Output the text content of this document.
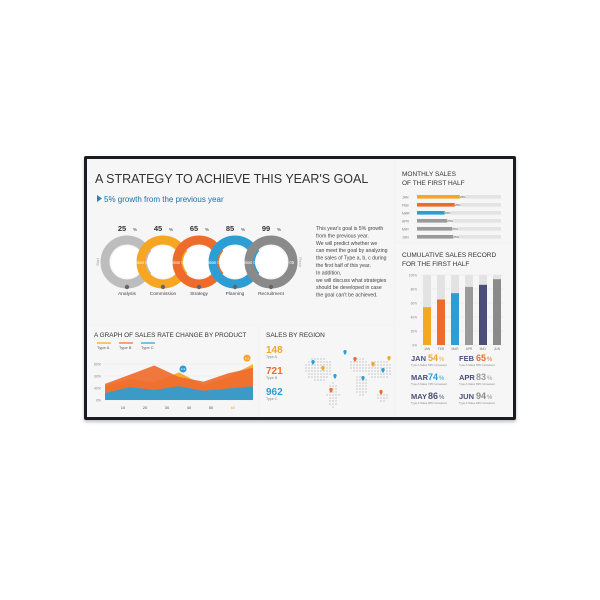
A STRATEGY TO ACHIEVE THIS YEAR'S GOAL
5% growth from the previous year
25 %
Analysis
45 %
Commission
65 %
Strategy
85 %
Planning
99 %
Recruitment
Option 01	Option 02	Option 03	Option 04	Option 05
Start	Finish
This year's goal is 5% growth
from the previous year.
We will predict whether we
can meet the goal by analyzing
the sales of Type a, b, c during
the first half of this year.
In addition,
we will discuss what strategies
should be developed in case
the goal can't be achieved.
MONTHLY SALES
OF THE FIRST HALF
JAN	25%
FEB	25%
MAR	25%
APR	25%
MAY	25%
JUN	25%
CUMULATIVE SALES RECORD
FOR THE FIRST HALF
0%
20%
40%
60%
80%
100%
JAN FEB MAR APR MAY JUN
JAN 54 %
Type A Sales 54% Increased
FEB 65 %
Type A Sales 65% Increased
MAR 74 %
Type A Sales 74% Increased
APR 83 %
Type A Sales 83% Increased
MAY 86 %
Type A Sales 86% Increased
JUN 94 %
Type A Sales 94% Increased
A GRAPH OF SALES RATE CHANGE BY PRODUCT
Type A Type B Type C
0%
40%
60%
80%
4.3
4.3
10	20	30	40	50	60
SALES BY REGION
148
Type A
721
Type B
962
Type C
